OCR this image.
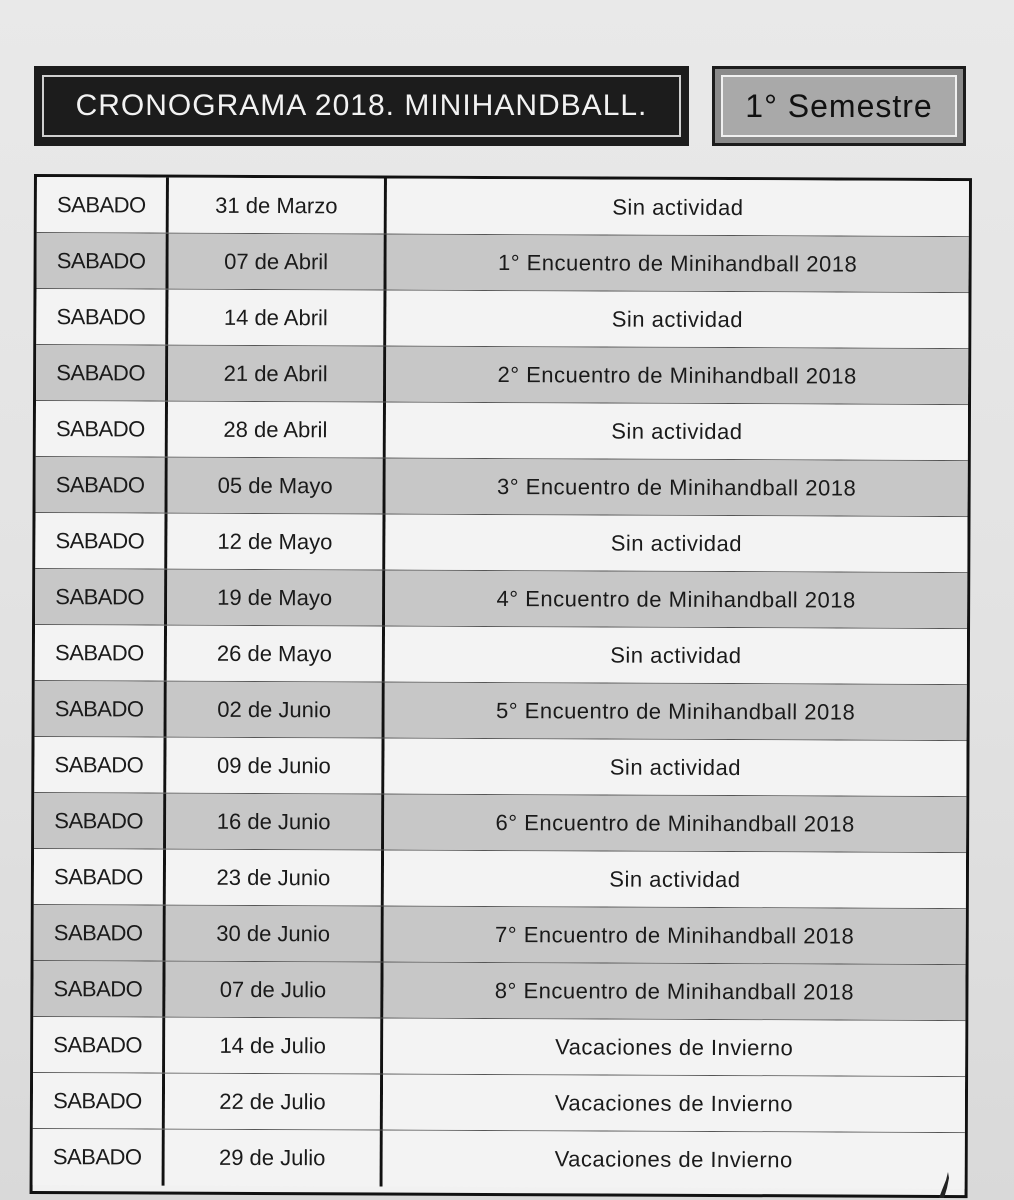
CRONOGRAMA 2018. MINIHANDBALL.	1° Semestre
SABADO	31 de Marzo	Sin actividad
SABADO	07 de Abril	1° Encuentro de Minihandball 2018
SABADO	14 de Abril	Sin actividad
SABADO	21 de Abril	2° Encuentro de Minihandball 2018
SABADO	28 de Abril	Sin actividad
SABADO	05 de Mayo	3° Encuentro de Minihandball 2018
SABADO	12 de Mayo	Sin actividad
SABADO	19 de Mayo	4° Encuentro de Minihandball 2018
SABADO	26 de Mayo	Sin actividad
SABADO	02 de Junio	5° Encuentro de Minihandball 2018
SABADO	09 de Junio	Sin actividad
SABADO	16 de Junio	6° Encuentro de Minihandball 2018
SABADO	23 de Junio	Sin actividad
SABADO	30 de Junio	7° Encuentro de Minihandball 2018
SABADO	07 de Julio	8° Encuentro de Minihandball 2018
SABADO	14 de Julio	Vacaciones de Invierno
SABADO	22 de Julio	Vacaciones de Invierno
SABADO	29 de Julio	Vacaciones de Invierno
